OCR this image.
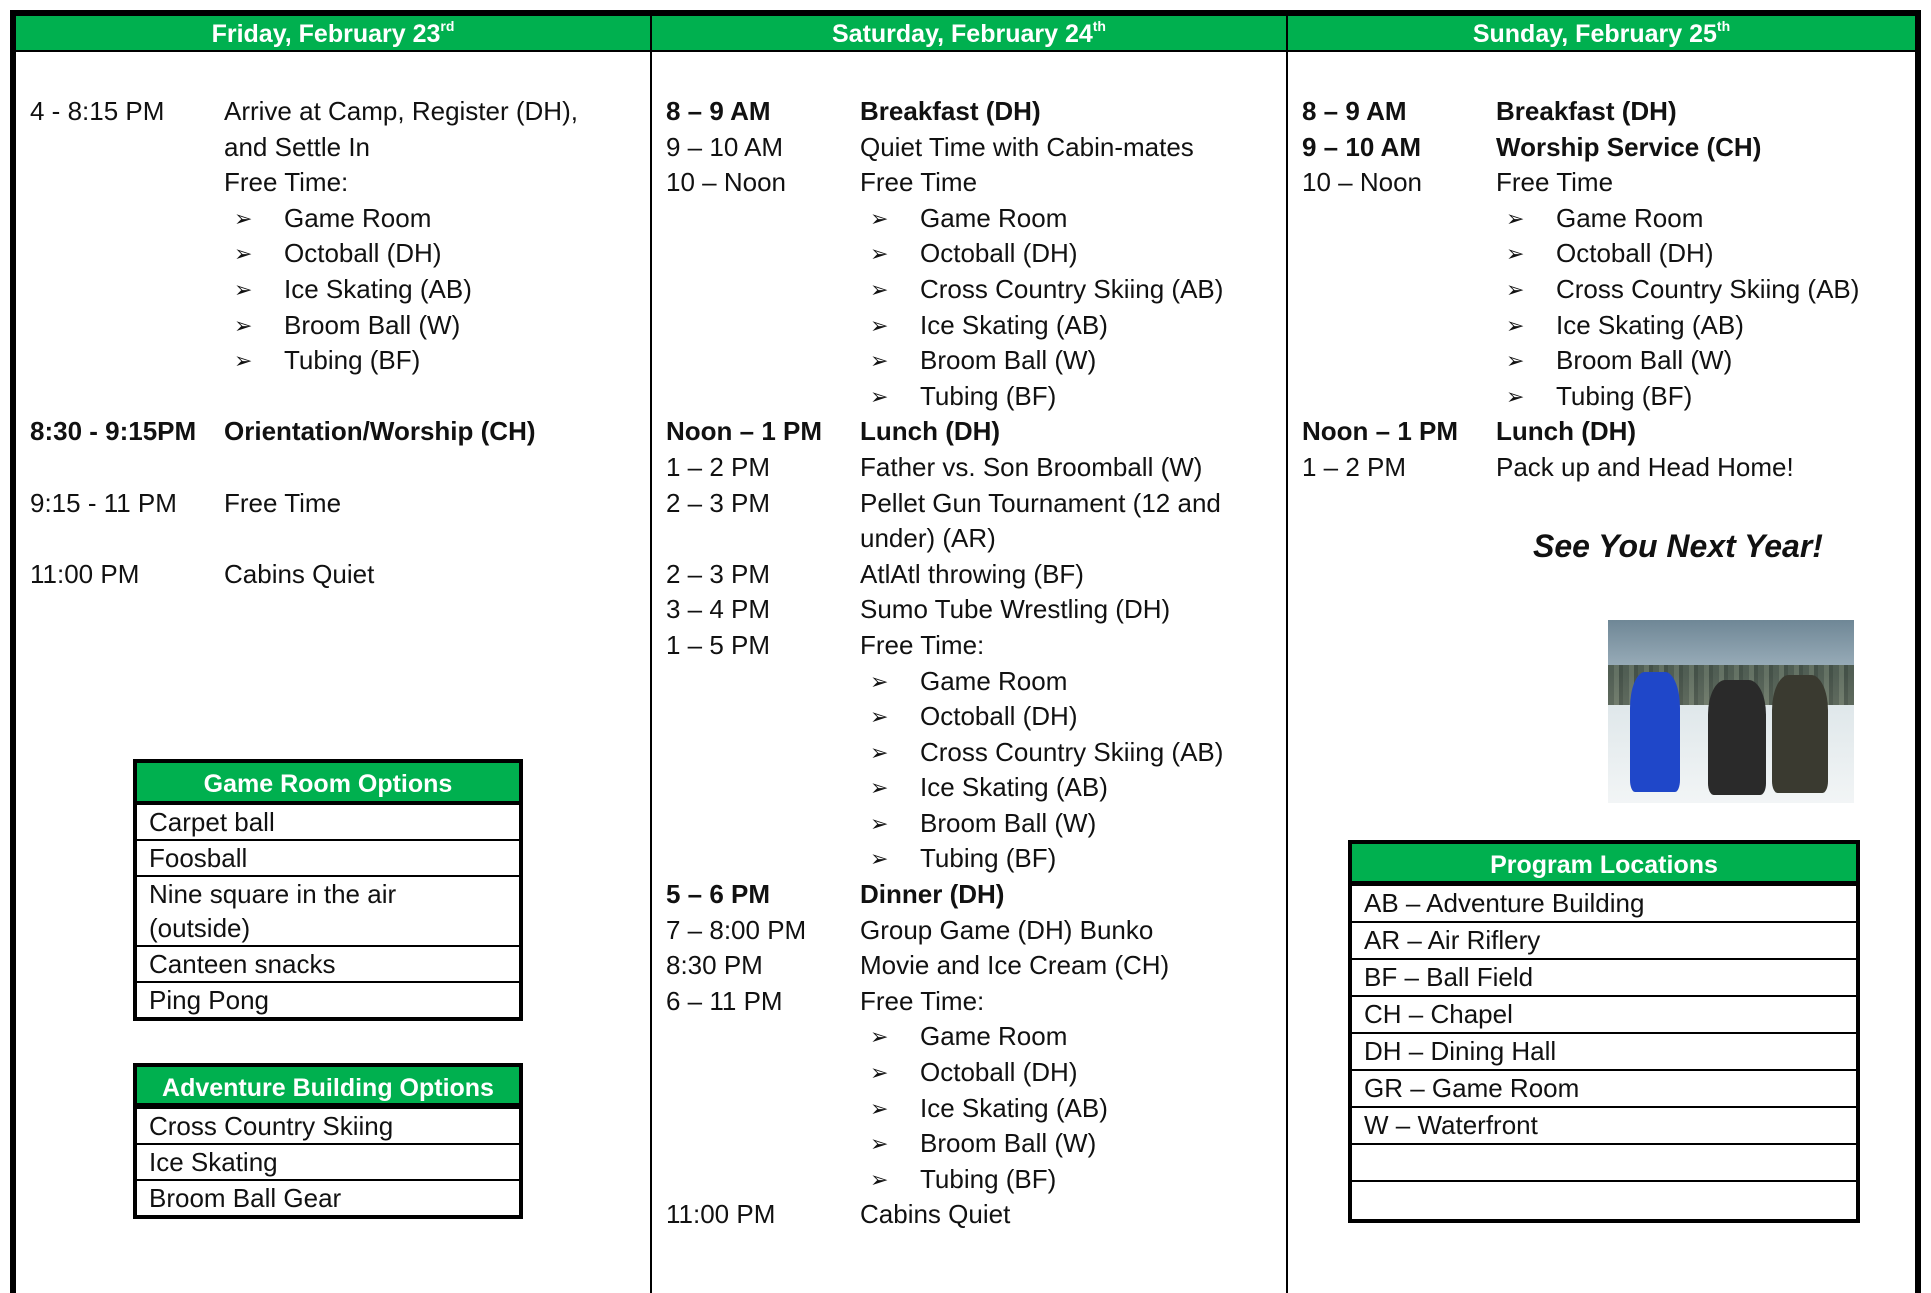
Friday, February 23rd
4 - 8:15 PM	Arrive at Camp, Register (DH),
and Settle In
Free Time:
➢	Game Room
➢	Octoball (DH)
➢	Ice Skating (AB)
➢	Broom Ball (W)
➢	Tubing (BF)
8:30 - 9:15PM	Orientation/Worship (CH)
9:15 - 11 PM	Free Time
11:00 PM	Cabins Quiet
Game Room Options
Carpet ball
Foosball
Nine square in the air
(outside)
Canteen snacks
Ping Pong
Adventure Building Options
Cross Country Skiing
Ice Skating
Broom Ball Gear
Saturday, February 24th
8 – 9 AM	Breakfast (DH)
9 – 10 AM	Quiet Time with Cabin-mates
10 – Noon	Free Time
➢	Game Room
➢	Octoball (DH)
➢	Cross Country Skiing (AB)
➢	Ice Skating (AB)
➢	Broom Ball (W)
➢	Tubing (BF)
Noon – 1 PM	Lunch (DH)
1 – 2 PM	Father vs. Son Broomball (W)
2 – 3 PM	Pellet Gun Tournament (12 and
under) (AR)
2 – 3 PM	AtlAtl throwing (BF)
3 – 4 PM	Sumo Tube Wrestling (DH)
1 – 5 PM	Free Time:
➢	Game Room
➢	Octoball (DH)
➢	Cross Country Skiing (AB)
➢	Ice Skating (AB)
➢	Broom Ball (W)
➢	Tubing (BF)
5 – 6 PM	Dinner (DH)
7 – 8:00 PM	Group Game (DH) Bunko
8:30 PM	Movie and Ice Cream (CH)
6 – 11 PM	Free Time:
➢	Game Room
➢	Octoball (DH)
➢	Ice Skating (AB)
➢	Broom Ball (W)
➢	Tubing (BF)
11:00 PM	Cabins Quiet
Sunday, February 25th
8 – 9 AM	Breakfast (DH)
9 – 10 AM	Worship Service (CH)
10 – Noon	Free Time
➢	Game Room
➢	Octoball (DH)
➢	Cross Country Skiing (AB)
➢	Ice Skating (AB)
➢	Broom Ball (W)
➢	Tubing (BF)
Noon – 1 PM	Lunch (DH)
1 – 2 PM	Pack up and Head Home!
See You Next Year!
Program Locations
AB – Adventure Building
AR – Air Riflery
BF – Ball Field
CH – Chapel
DH – Dining Hall
GR – Game Room
W – Waterfront
